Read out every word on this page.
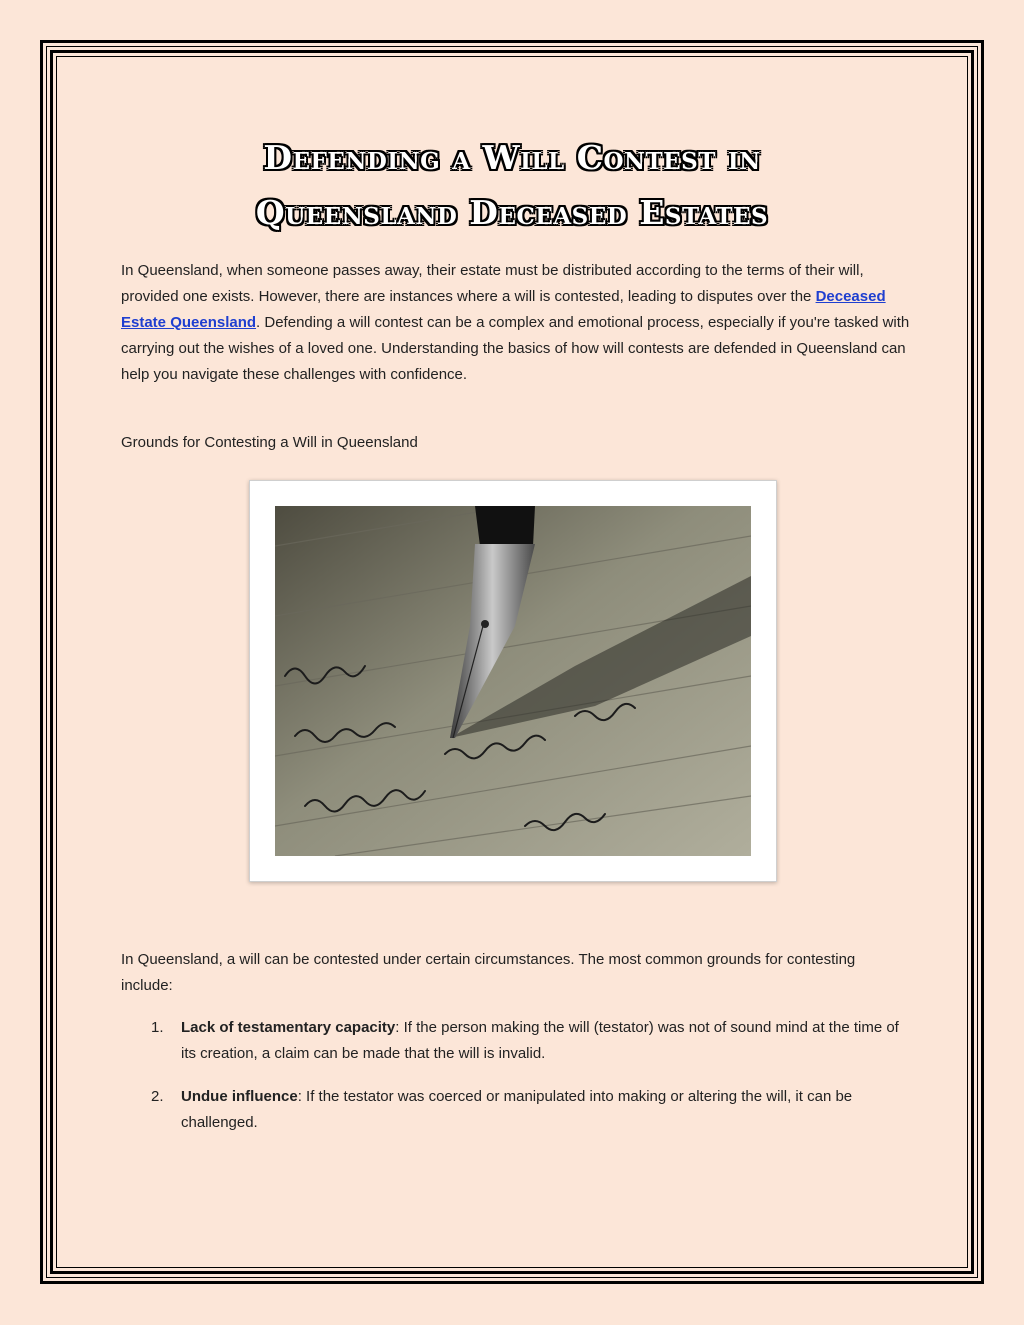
Defending a Will Contest in
Queensland Deceased Estates

In Queensland, when someone passes away, their estate must be distributed according to the terms of their will, provided one exists. However, there are instances where a will is contested, leading to disputes over the Deceased Estate Queensland. Defending a will contest can be a complex and emotional process, especially if you're tasked with carrying out the wishes of a loved one. Understanding the basics of how will contests are defended in Queensland can help you navigate these challenges with confidence.

Grounds for Contesting a Will in Queensland

In Queensland, a will can be contested under certain circumstances. The most common grounds for contesting include:

1. Lack of testamentary capacity: If the person making the will (testator) was not of sound mind at the time of its creation, a claim can be made that the will is invalid.
2. Undue influence: If the testator was coerced or manipulated into making or altering the will, it can be challenged.
